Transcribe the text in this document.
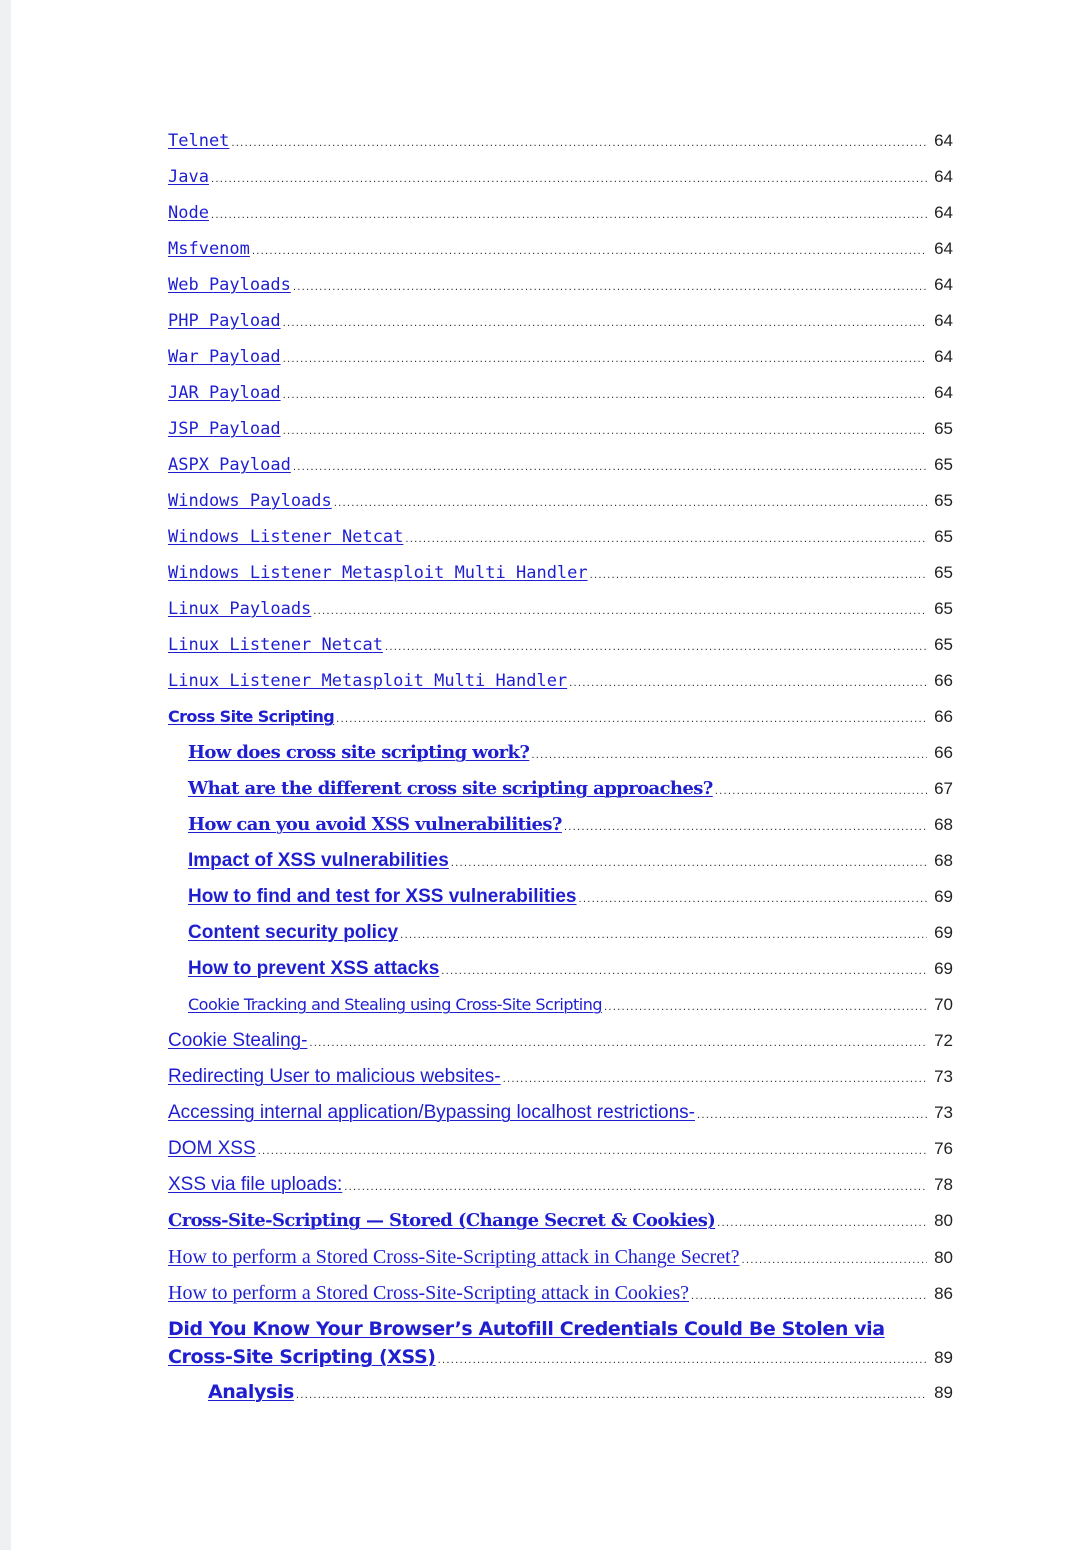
Telnet .....	64
Java .....	64
Node .....	64
Msfvenom .....	64
Web Payloads .....	64
PHP Payload .....	64
War Payload .....	64
JAR Payload .....	64
JSP Payload .....	65
ASPX Payload .....	65
Windows Payloads .....	65
Windows Listener Netcat .....	65
Windows Listener Metasploit Multi Handler .....	65
Linux Payloads .....	65
Linux Listener Netcat .....	65
Linux Listener Metasploit Multi Handler .....	66
Cross Site Scripting .....	66
How does cross site scripting work? .....	66
What are the different cross site scripting approaches? .....	67
How can you avoid XSS vulnerabilities? .....	68
Impact of XSS vulnerabilities .....	68
How to find and test for XSS vulnerabilities .....	69
Content security policy .....	69
How to prevent XSS attacks .....	69
Cookie Tracking and Stealing using Cross-Site Scripting .....	70
Cookie Stealing- .....	72
Redirecting User to malicious websites- .....	73
Accessing internal application/Bypassing localhost restrictions- .....	73
DOM XSS .....	76
XSS via file uploads: .....	78
Cross-Site-Scripting — Stored (Change Secret & Cookies) .....	80
How to perform a Stored Cross-Site-Scripting attack in Change Secret? .....	80
How to perform a Stored Cross-Site-Scripting attack in Cookies? .....	86
Did You Know Your Browser’s Autofill Credentials Could Be Stolen via
Cross-Site Scripting (XSS) .....	89
Analysis .....	89
